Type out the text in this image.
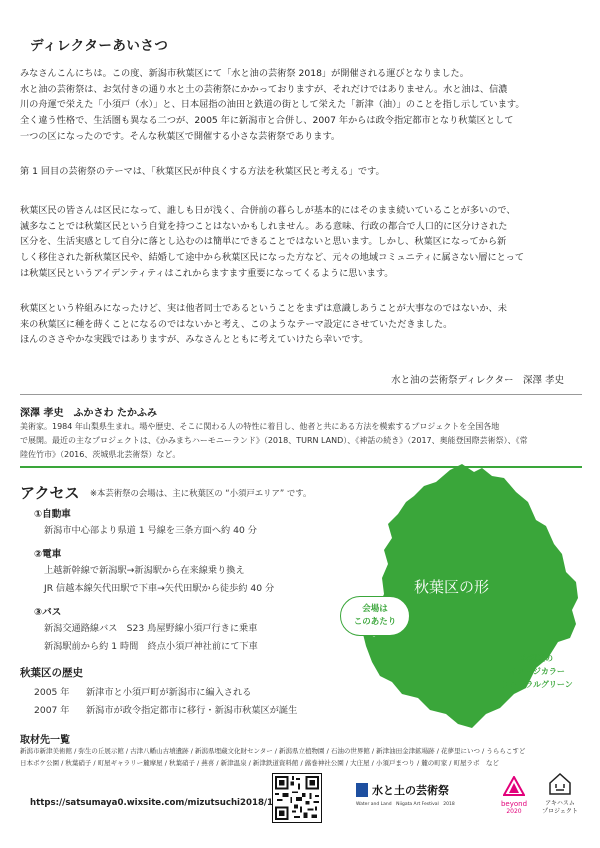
ディレクターあいさつ

みなさんこんにちは。この度、新潟市秋葉区にて「水と油の芸術祭 2018」が開催される運びとなりました。

水と油の芸術祭は、お気付きの通り水と土の芸術祭にかかっておりますが、それだけではありません。水と油は、信濃

川の舟運で栄えた「小須戸（水）」と、日本屈指の油田と鉄道の街として栄えた「新津（油）」のことを指し示しています。

全く違う性格で、生活圏も異なる二つが、2005 年に新潟市と合併し、2007 年からは政令指定都市となり秋葉区として

一つの区になったのです。そんな秋葉区で開催する小さな芸術祭であります。

第 1 回目の芸術祭のテーマは、「秋葉区民が仲良くする方法を秋葉区民と考える」です。

秋葉区民の皆さんは区民になって、誰しも日が浅く、合併前の暮らしが基本的にはそのまま続いていることが多いので、

滅多なことでは秋葉区民という自覚を持つことはないかもしれません。ある意味、行政の都合で人口的に区分けされた

区分を、生活実感として自分に落とし込むのは簡単にできることではないと思います。しかし、秋葉区になってから新

しく移住された新秋葉区民や、結婚して途中から秋葉区民になった方など、元々の地域コミュニティに属さない層にとって

は秋葉区民というアイデンティティはこれからますます重要になってくるように思います。

秋葉区という枠組みになったけど、実は他者同士であるということをまずは意識しあうことが大事なのではないか、未

来の秋葉区に種を蒔くことになるのではないかと考え、このようなテーマ設定にさせていただきました。

ほんのささやかな実践ではありますが、みなさんとともに考えていけたら幸いです。

水と油の芸術祭ディレクター　深澤 孝史
深澤 孝史　ふかさわ たかふみ

美術家。1984 年山梨県生まれ。場や歴史、そこに関わる人の特性に着目し、他者と共にある方法を模索するプロジェクトを全国各地

で展開。最近の主なプロジェクトは、《かみまちハーモニーランド》（2018、TURN LAND）、《神話の続き》（2017、奥能登国際芸術祭）、《常

陸佐竹市》（2016、茨城県北芸術祭）など。

秋葉区の形
会場は
このあたり
秋葉区の
イメージカラー
フローラルグリーン
アクセス ※本芸術祭の会場は、主に秋葉区の “小須戸エリア” です。
①自動車
新潟市中心部より県道 1 号線を三条方面へ約 40 分
②電車
上越新幹線で新潟駅→新潟駅から在来線乗り換え
JR 信越本線矢代田駅で下車→矢代田駅から徒歩約 40 分
③バス
新潟交通路線バス　S23 鳥屋野線小須戸行きに乗車
新潟駅前から約 1 時間　終点小須戸神社前にて下車
秋葉区の歴史
2005 年 新津市と小須戸町が新潟市に編入される
2007 年 新潟市が政令指定都市に移行・新潟市秋葉区が誕生
取材先一覧

新潟市新津美術館 / 弥生の丘展示館 / 古津八幡山古墳遺跡 / 新潟県埋蔵文化財センター / 新潟県立植物園 / 石油の世界館 / 新津油田金津鉱場跡 / 花夢里にいつ / うららこすど

日本ボケ公園 / 秋葉硝子 / 町屋ギャラリー麓摩屋 / 秋葉硝子 / 燕喜 / 新津温泉 / 新津鉄道資料館 / 蕗巻神社公園 / 大庄屋 / 小須戸まつり / 麓の町家 / 町屋ラボ　など

https://satsumaya0.wixsite.com/mizutsuchi2018/1
水と土の芸術祭
Water and Land　Niigata Art Festival　2018	beyond
2020
アキハスム
プロジェクト
